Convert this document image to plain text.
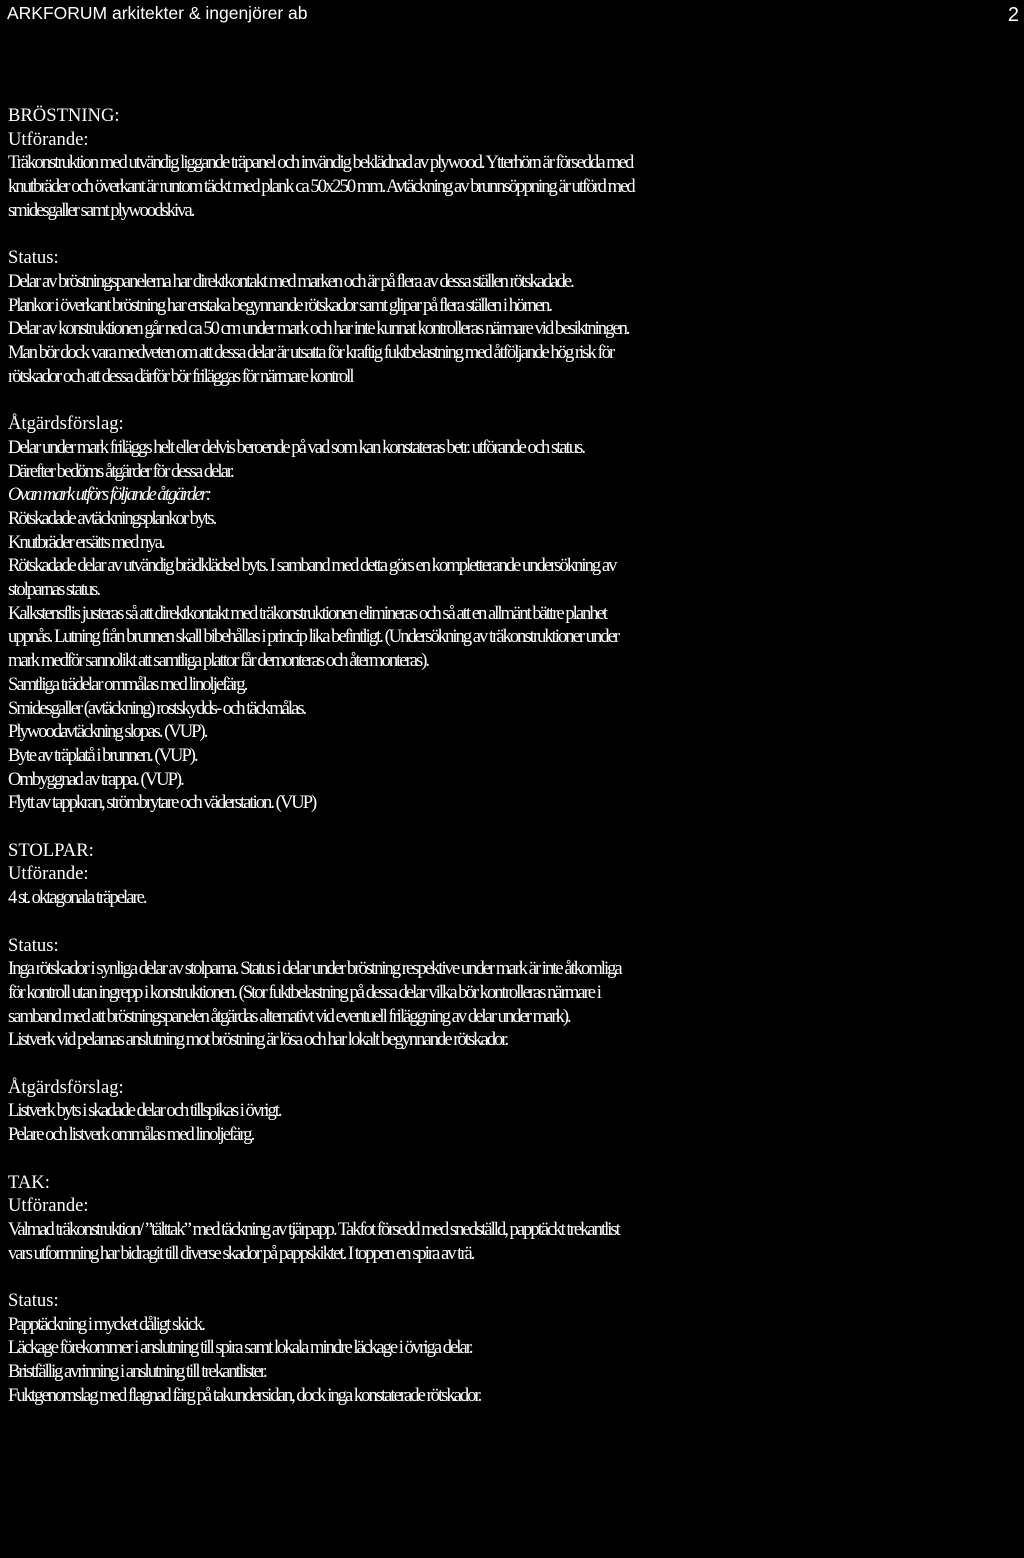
ARKFORUM arkitekter & ingenjörer ab	2
BRÖSTNING:
Utförande:
Träkonstruktion med utvändig liggande träpanel och invändig beklädnad av plywood. Ytterhörn är försedda med
knutbräder och överkant är runtom täckt med plank ca 50x250 mm. Avtäckning av brunnsöppning är utförd med
smidesgaller samt plywoodskiva.
Status:
Delar av bröstningspanelerna har direktkontakt med marken och är på flera av dessa ställen rötskadade.
Plankor i överkant bröstning har enstaka begynnande rötskador samt glipar på flera ställen i hörnen.
Delar av konstruktionen går ned ca 50 cm under mark och har inte kunnat kontrolleras närmare vid besiktningen.
Man bör dock vara medveten om att dessa delar är utsatta för kraftig fuktbelastning med åtföljande hög risk för
rötskador och att dessa därför bör friläggas för närmare kontroll
Åtgärdsförslag:
Delar under mark friläggs helt eller delvis beroende på vad som kan konstateras betr. utförande och status.
Därefter bedöms åtgärder för dessa delar.
Ovan mark utförs följande åtgärder:
Rötskadade avtäckningsplankor byts.
Knutbräder ersätts med nya.
Rötskadade delar av utvändig brädklädsel byts. I samband med detta görs en kompletterande undersökning av
stolparnas status.
Kalkstensflis justeras så att direktkontakt med träkonstruktionen elimineras och så att en allmänt bättre planhet
uppnås. Lutning från brunnen skall bibehållas i princip lika befintligt. (Undersökning av träkonstruktioner under
mark medför sannolikt att samtliga plattor får demonteras och återmonteras).
Samtliga trädelar ommålas med linoljefärg.
Smidesgaller (avtäckning) rostskydds- och täckmålas.
Plywoodavtäckning slopas. (VUP).
Byte av träplatå i brunnen. (VUP).
Ombyggnad av trappa. (VUP).
Flytt av tappkran, strömbrytare och väderstation. (VUP)
STOLPAR:
Utförande:
4 st. oktagonala träpelare.
Status:
Inga rötskador i synliga delar av stolparna. Status i delar under bröstning respektive under mark är inte åtkomliga
för kontroll utan ingrepp i konstruktionen. (Stor fuktbelastning på dessa delar vilka bör kontrolleras närmare i
samband med att bröstningspanelen åtgärdas alternativt vid eventuell friläggning av delar under mark).
Listverk vid pelarnas anslutning mot bröstning är lösa och har lokalt begynnande rötskador.
Åtgärdsförslag:
Listverk byts i skadade delar och tillspikas i övrigt.
Pelare och listverk ommålas med linoljefärg.
TAK:
Utförande:
Valmad träkonstruktion/ ”tälttak” med täckning av tjärpapp. Takfot försedd med snedställd, papptäckt trekantlist
vars utformning har bidragit till diverse skador på pappskiktet. I toppen en spira av trä.
Status:
Papptäckning i mycket dåligt skick.
Läckage förekommer i anslutning till spira samt lokala mindre läckage i övriga delar.
Bristfällig avrinning i anslutning till trekantlister.
Fuktgenomslag med flagnad färg på takundersidan, dock inga konstaterade rötskador.
